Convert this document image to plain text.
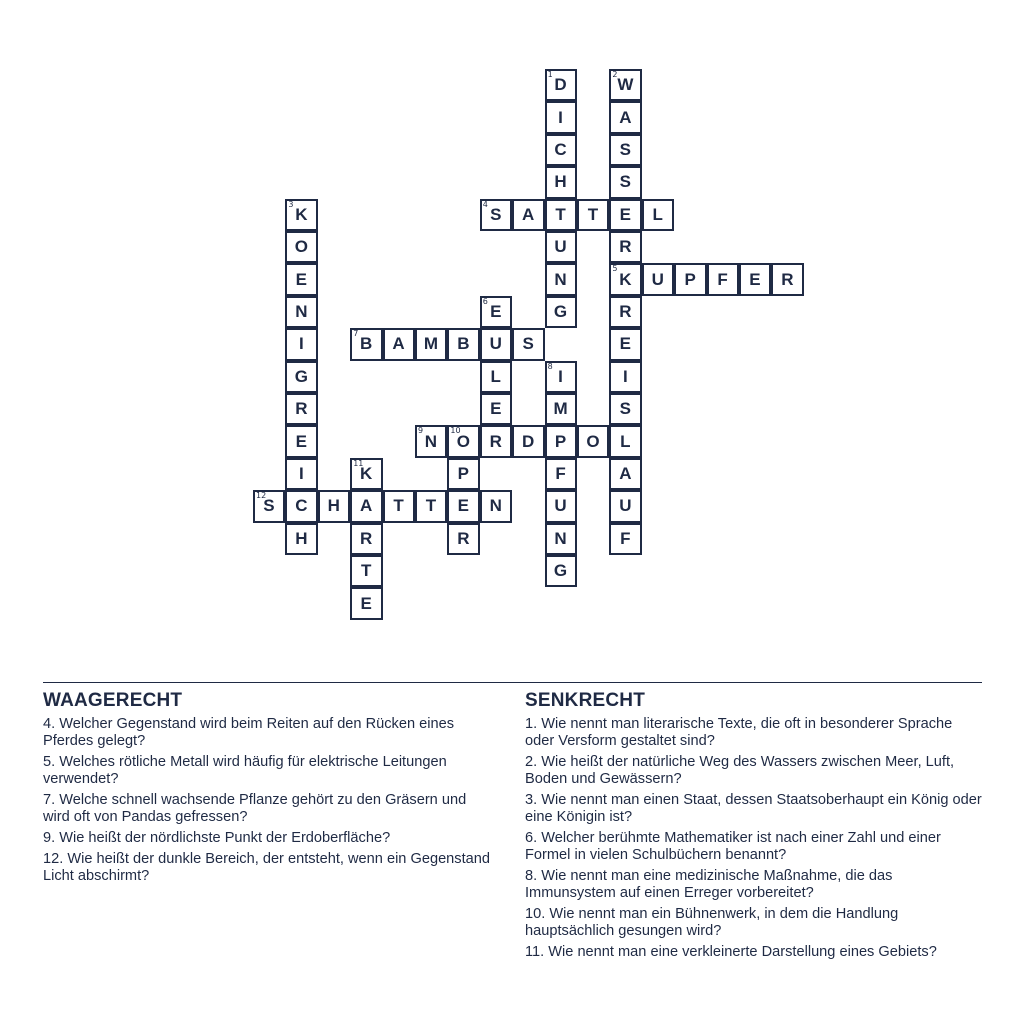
1
D
2
W
I	A
C	S
H	S
3
K
4
S	A	T	T	E	L
O	U	R
E	N
5
K	U	P	F	E	R
N
6
E	G	R
I
7
B	A	M	B	U	S	E
G	L
8
I	I
R	E	M	S
E
9
N
10
O	R	D	P	O	L
I
11
K	P	F	A
12
S	C	H	A	T	T	E	N	U	U
H	R	R	N	F
T	G
E
WAAGERECHT

4. Welcher Gegenstand wird beim Reiten auf den Rücken eines Pferdes gelegt?

5. Welches rötliche Metall wird häufig für elektrische Leitungen verwendet?

7. Welche schnell wachsende Pflanze gehört zu den Gräsern und wird oft von Pandas gefressen?

9. Wie heißt der nördlichste Punkt der Erdoberfläche?

12. Wie heißt der dunkle Bereich, der entsteht, wenn ein Gegenstand Licht abschirmt?

SENKRECHT

1. Wie nennt man literarische Texte, die oft in besonderer Sprache oder Versform gestaltet sind?

2. Wie heißt der natürliche Weg des Wassers zwischen Meer, Luft, Boden und Gewässern?

3. Wie nennt man einen Staat, dessen Staatsoberhaupt ein König oder eine Königin ist?

6. Welcher berühmte Mathematiker ist nach einer Zahl und einer Formel in vielen Schulbüchern benannt?

8. Wie nennt man eine medizinische Maßnahme, die das Immunsystem auf einen Erreger vorbereitet?

10. Wie nennt man ein Bühnenwerk, in dem die Handlung hauptsächlich gesungen wird?

11. Wie nennt man eine verkleinerte Darstellung eines Gebiets?
